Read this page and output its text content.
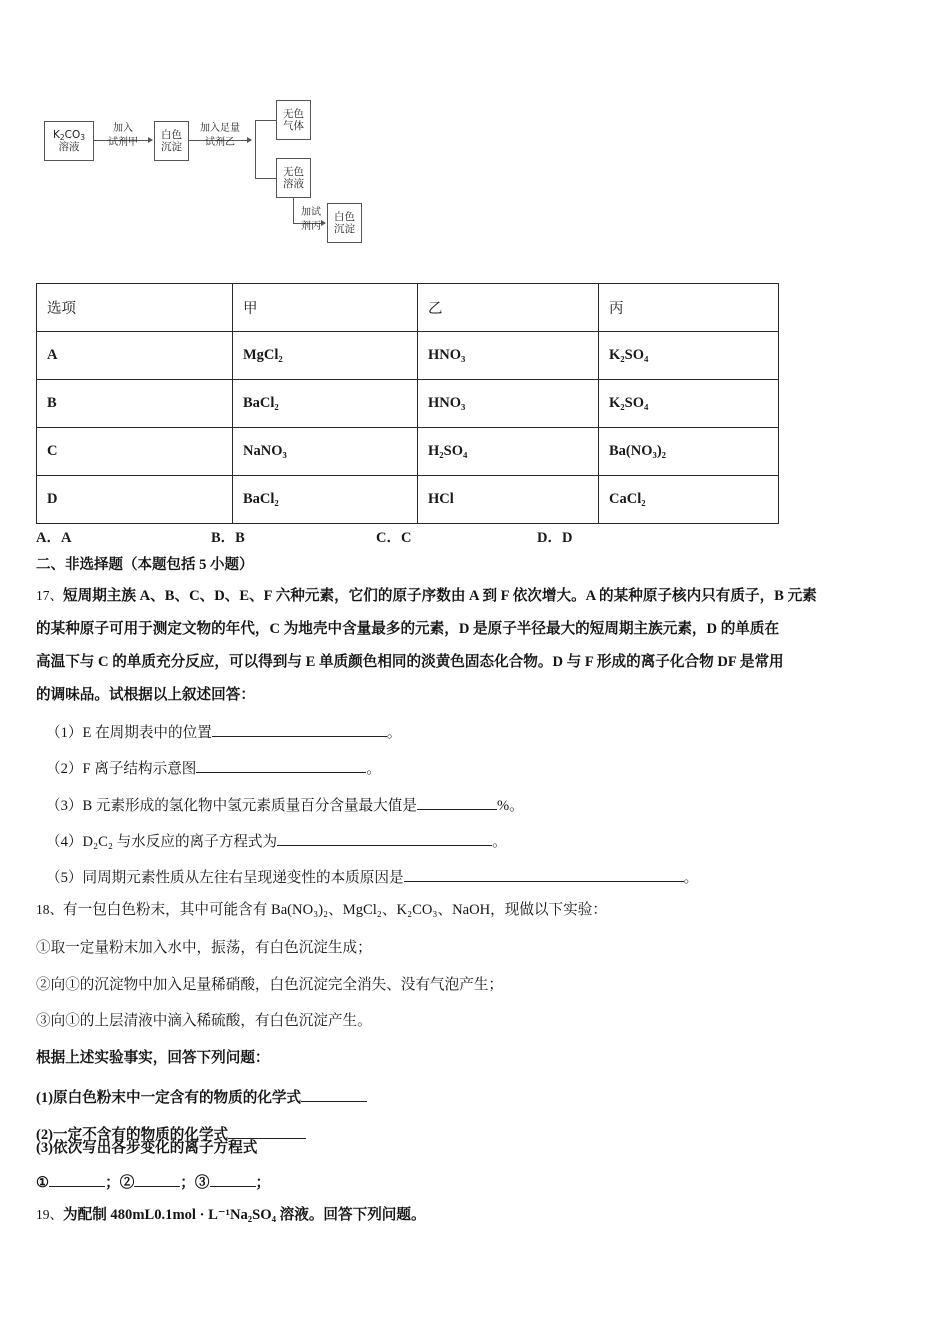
$K_2CO_3$
溶液
加入
试剂甲
白色
沉淀
加入足量
试剂乙
无色
气体
无色
溶液
加试
剂丙
白色
沉淀
选项	甲	乙	丙
A	MgCl₂	HNO₃	K₂SO₄
B	BaCl₂	HNO₃	K₂SO₄
C	NaNO₃	H₂SO₄	Ba(NO₃)₂
D	BaCl₂	HCl	CaCl₂
A．A	B．B	C．C	D．D
二、非选择题（本题包括 5 小题）
17、短周期主族 A、B、C、D、E、F 六种元素，它们的原子序数由 A 到 F 依次增大。A 的某种原子核内只有质子，B 元素
的某种原子可用于测定文物的年代，C 为地壳中含量最多的元素，D 是原子半径最大的短周期主族元素，D 的单质在
高温下与 C 的单质充分反应，可以得到与 E 单质颜色相同的淡黄色固态化合物。D 与 F 形成的离子化合物 DF 是常用
的调味品。试根据以上叙述回答：
（1）E 在周期表中的位置	。
（2）F 离子结构示意图	。
（3）B 元素形成的氢化物中氢元素质量百分含量最大值是	%。
（4）D₂C₂ 与水反应的离子方程式为	。
（5）同周期元素性质从左往右呈现递变性的本质原因是	。
18、有一包白色粉末，其中可能含有 Ba(NO₃)₂、MgCl₂、K₂CO₃、NaOH，现做以下实验：
①取一定量粉末加入水中，振荡，有白色沉淀生成；
②向①的沉淀物中加入足量稀硝酸，白色沉淀完全消失、没有气泡产生；
③向①的上层清液中滴入稀硫酸，有白色沉淀产生。
根据上述实验事实，回答下列问题：
(1)原白色粉末中一定含有的物质的化学式
(2)一定不含有的物质的化学式
(3)依次写出各步变化的离子方程式
①	；②	；③	；
19、为配制 480mL0.1mol · L⁻¹Na₂SO₄ 溶液。回答下列问题。
